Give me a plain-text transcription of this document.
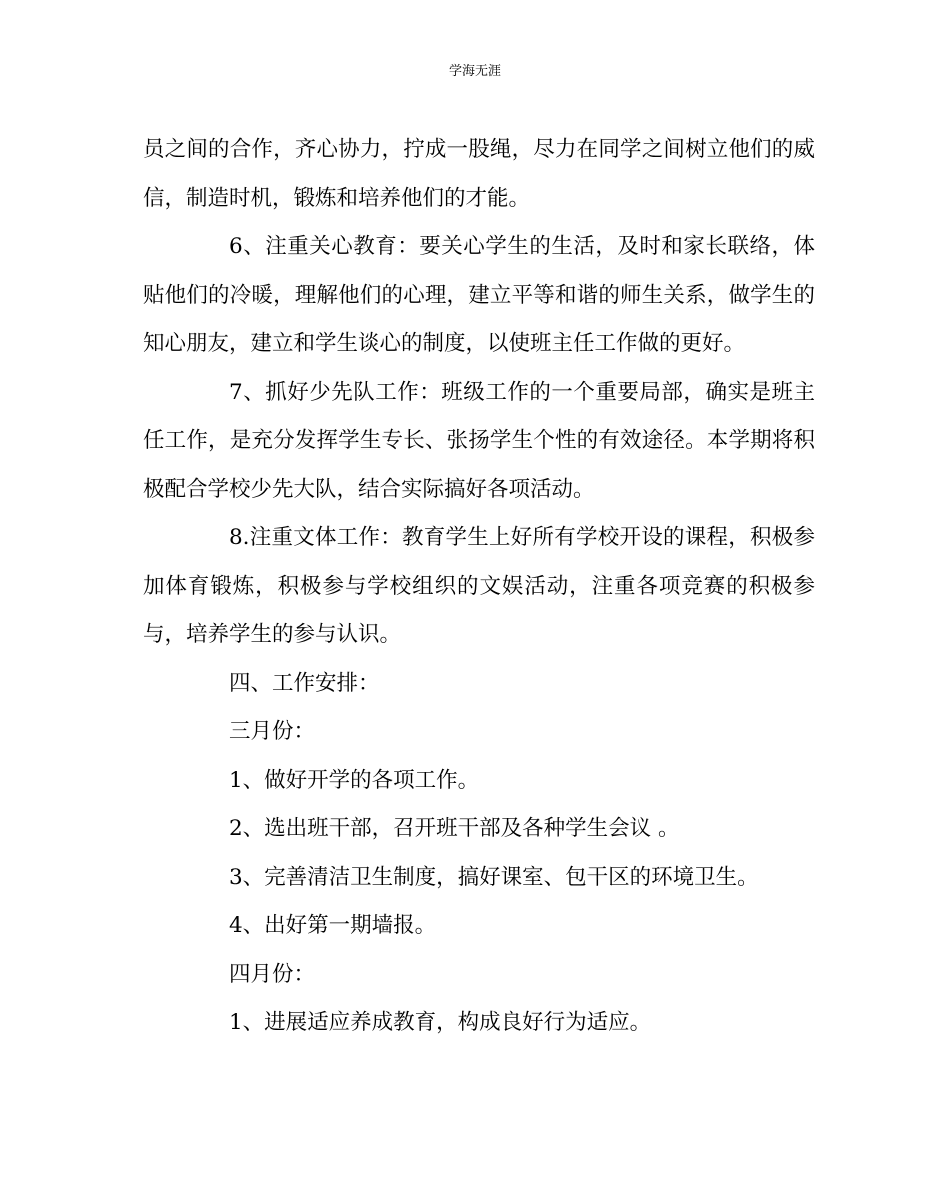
学海无涯

员之间的合作，齐心协力，拧成一股绳，尽力在同学之间树立他们的威信，制造时机，锻炼和培养他们的才能。

6、注重关心教育：要关心学生的生活，及时和家长联络，体贴他们的冷暖，理解他们的心理，建立平等和谐的师生关系，做学生的知心朋友，建立和学生谈心的制度，以使班主任工作做的更好。

7、抓好少先队工作：班级工作的一个重要局部，确实是班主任工作，是充分发挥学生专长、张扬学生个性的有效途径。本学期将积极配合学校少先大队，结合实际搞好各项活动。

8.注重文体工作：教育学生上好所有学校开设的课程，积极参加体育锻炼，积极参与学校组织的文娱活动，注重各项竞赛的积极参与，培养学生的参与认识。

四、工作安排：

三月份：

1、做好开学的各项工作。

2、选出班干部，召开班干部及各种学生会议 。

3、完善清洁卫生制度，搞好课室、包干区的环境卫生。

4、出好第一期墙报。

四月份：

1、进展适应养成教育，构成良好行为适应。
